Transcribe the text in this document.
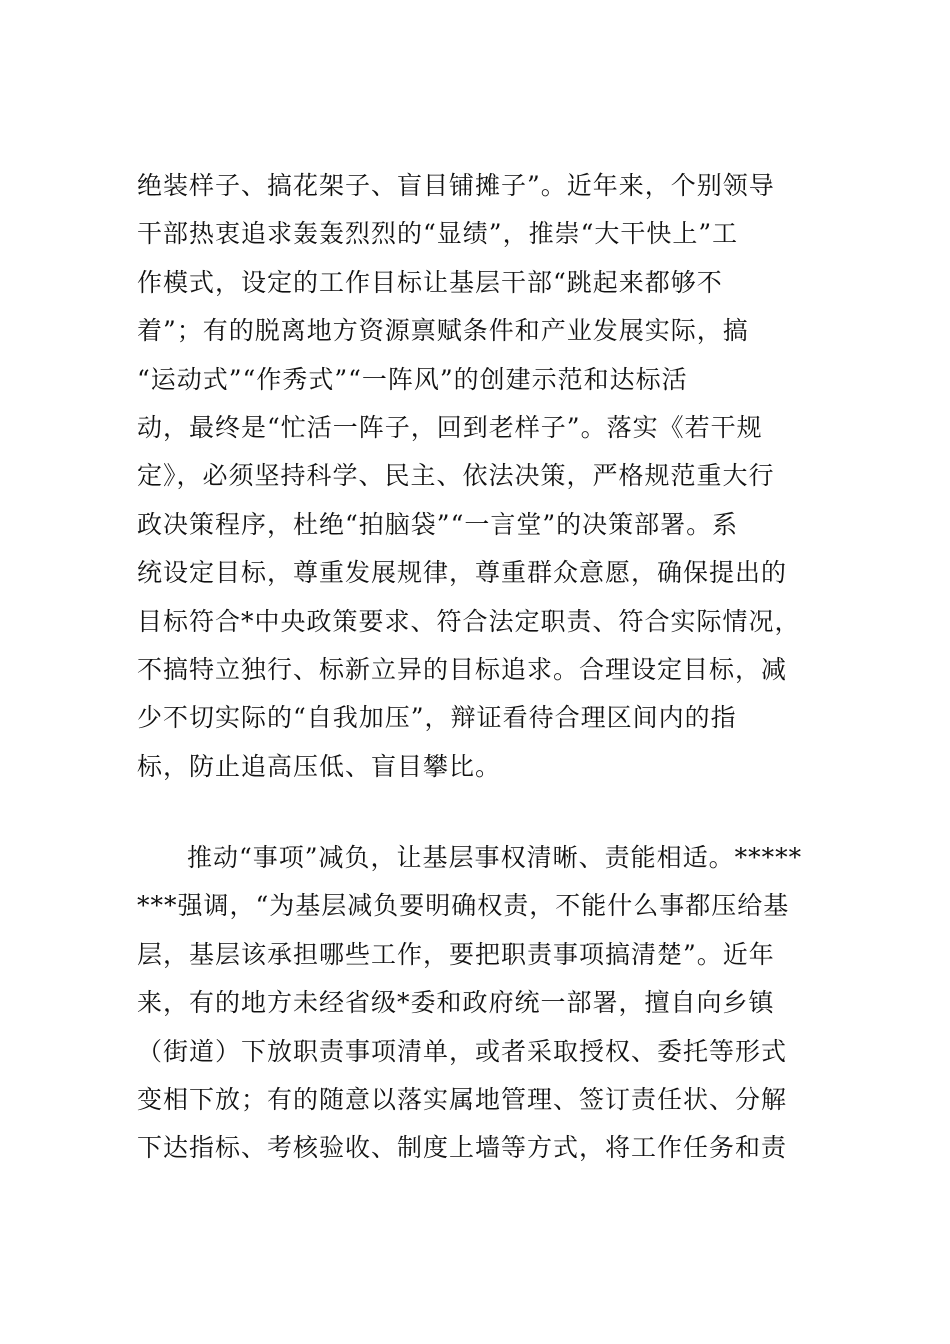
绝装样子、搞花架子、盲目铺摊子”。近年来，个别领导
干部热衷追求轰轰烈烈的“显绩”，推崇“大干快上”工
作模式，设定的工作目标让基层干部“跳起来都够不
着”；有的脱离地方资源禀赋条件和产业发展实际，搞
“运动式”“作秀式”“一阵风”的创建示范和达标活
动，最终是“忙活一阵子，回到老样子”。落实《若干规
定》，必须坚持科学、民主、依法决策，严格规范重大行
政决策程序，杜绝“拍脑袋”“一言堂”的决策部署。系
统设定目标，尊重发展规律，尊重群众意愿，确保提出的
目标符合*中央政策要求、符合法定职责、符合实际情况，
不搞特立独行、标新立异的目标追求。合理设定目标，减
少不切实际的“自我加压”，辩证看待合理区间内的指
标，防止追高压低、盲目攀比。
推动“事项”减负，让基层事权清晰、责能相适。*****
***强调，“为基层减负要明确权责，不能什么事都压给基
层，基层该承担哪些工作，要把职责事项搞清楚”。近年
来，有的地方未经省级*委和政府统一部署，擅自向乡镇
（街道）下放职责事项清单，或者采取授权、委托等形式
变相下放；有的随意以落实属地管理、签订责任状、分解
下达指标、考核验收、制度上墙等方式，将工作任务和责
